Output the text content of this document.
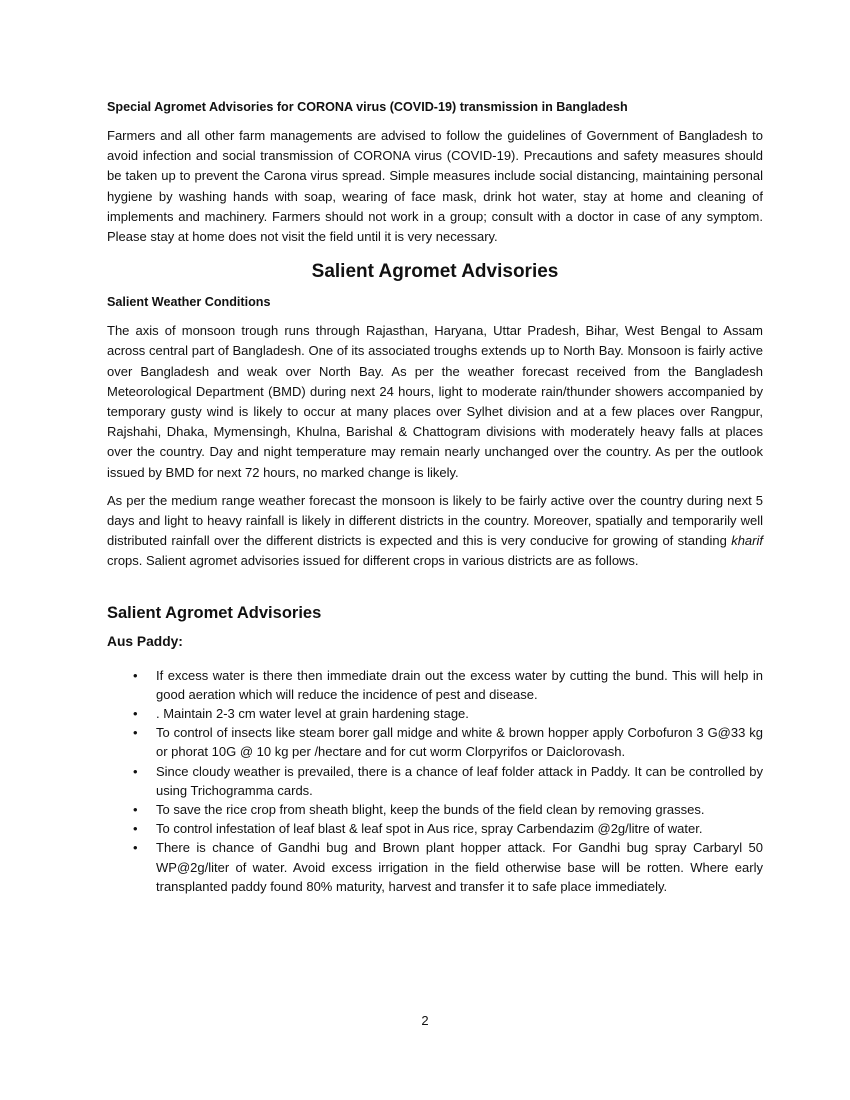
Special Agromet Advisories for CORONA virus (COVID-19) transmission in Bangladesh

Farmers and all other farm managements are advised to follow the guidelines of Government of Bangladesh to avoid infection and social transmission of CORONA virus (COVID-19). Precautions and safety measures should be taken up to prevent the Carona virus spread. Simple measures include social distancing, maintaining personal hygiene by washing hands with soap, wearing of face mask, drink hot water, stay at home and cleaning of implements and machinery. Farmers should not work in a group; consult with a doctor in case of any symptom. Please stay at home does not visit the field until it is very necessary.

Salient Agromet Advisories
Salient Weather Conditions

The axis of monsoon trough runs through Rajasthan, Haryana, Uttar Pradesh, Bihar, West Bengal to Assam across central part of Bangladesh. One of its associated troughs extends up to North Bay. Monsoon is fairly active over Bangladesh and weak over North Bay. As per the weather forecast received from the Bangladesh Meteorological Department (BMD) during next 24 hours, light to moderate rain/thunder showers accompanied by temporary gusty wind is likely to occur at many places over Sylhet division and at a few places over Rangpur, Rajshahi, Dhaka, Mymensingh, Khulna, Barishal & Chattogram divisions with moderately heavy falls at places over the country. Day and night temperature may remain nearly unchanged over the country. As per the outlook issued by BMD for next 72 hours, no marked change is likely.

As per the medium range weather forecast the monsoon is likely to be fairly active over the country during next 5 days and light to heavy rainfall is likely in different districts in the country. Moreover, spatially and temporarily well distributed rainfall over the different districts is expected and this is very conducive for growing of standing kharif crops. Salient agromet advisories issued for different crops in various districts are as follows.

Salient Agromet Advisories
Aus Paddy:
• If excess water is there then immediate drain out the excess water by cutting the bund. This will help in good aeration which will reduce the incidence of pest and disease.
• . Maintain 2-3 cm water level at grain hardening stage.
• To control of insects like steam borer gall midge and white & brown hopper apply Corbofuron 3 G@33 kg or phorat 10G @ 10 kg per /hectare and for cut worm Clorpyrifos or Daiclorovash.
• Since cloudy weather is prevailed, there is a chance of leaf folder attack in Paddy. It can be controlled by using Trichogramma cards.
• To save the rice crop from sheath blight, keep the bunds of the field clean by removing grasses.
• To control infestation of leaf blast & leaf spot in Aus rice, spray Carbendazim @2g/litre of water.
• There is chance of Gandhi bug and Brown plant hopper attack. For Gandhi bug spray Carbaryl 50 WP@2g/liter of water. Avoid excess irrigation in the field otherwise base will be rotten. Where early transplanted paddy found 80% maturity, harvest and transfer it to safe place immediately.
2
